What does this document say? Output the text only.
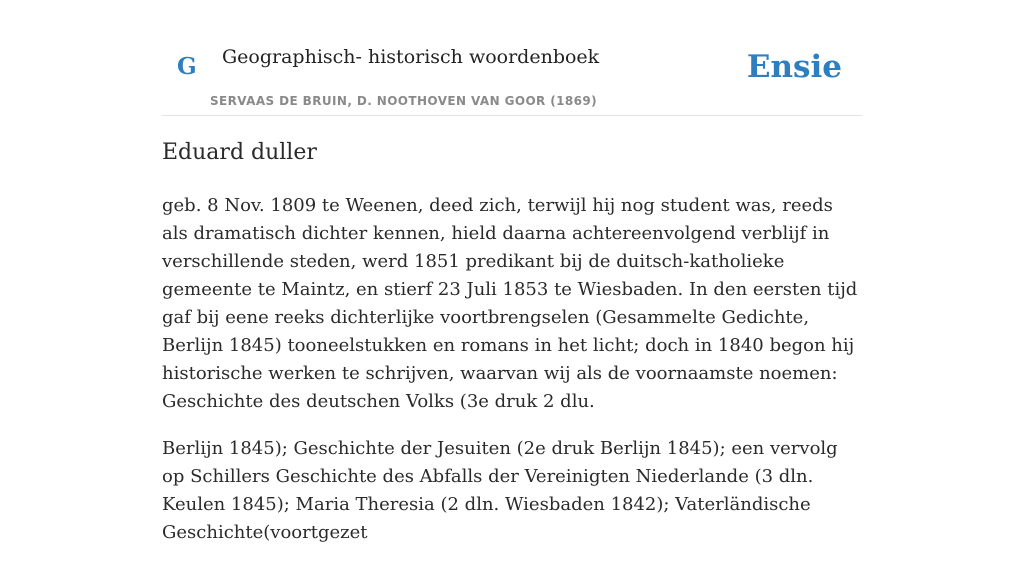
G Geographisch- historisch woordenboek
SERVAAS DE BRUIN, D. NOOTHOVEN VAN GOOR (1869)
Ensie
Eduard duller

geb. 8 Nov. 1809 te Weenen, deed zich, terwijl hij nog student was, reeds als dramatisch dichter kennen, hield daarna achtereenvolgend verblijf in verschillende steden, werd 1851 predikant bij de duitsch-katholieke gemeente te Maintz, en stierf 23 Juli 1853 te Wiesbaden. In den eersten tijd gaf bij eene reeks dichterlijke voortbrengselen (Gesammelte Gedichte, Berlijn 1845) tooneelstukken en romans in het licht; doch in 1840 begon hij historische werken te schrijven, waarvan wij als de voornaamste noemen: Geschichte des deutschen Volks (3e druk 2 dlu.

Berlijn 1845); Geschichte der Jesuiten (2e druk Berlijn 1845); een vervolg op Schillers Geschichte des Abfalls der Vereinigten Niederlande (3 dln. Keulen 1845); Maria Theresia (2 dln. Wiesbaden 1842); Vaterländische Geschichte(voortgezet
